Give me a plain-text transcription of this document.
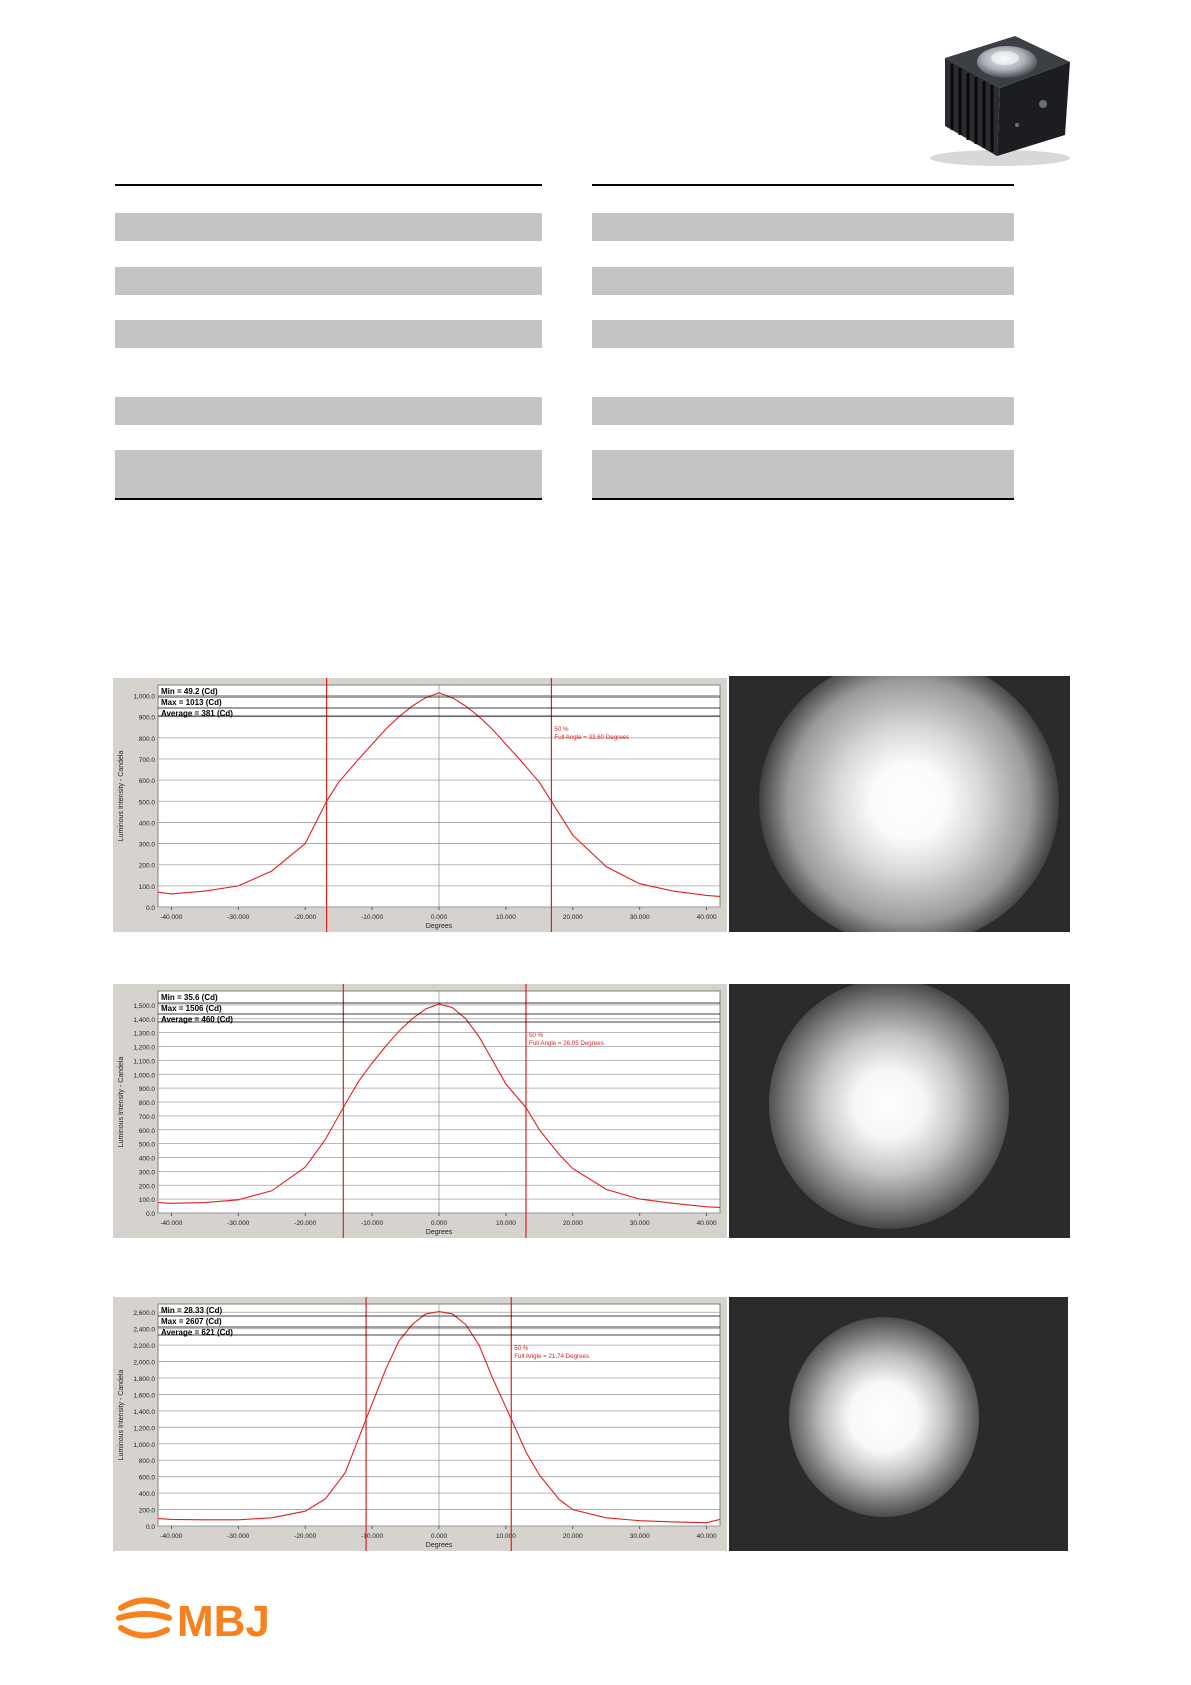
0.0
100.0
200.0
300.0
400.0
500.0
600.0
700.0
800.0
900.0
1,000.0
-40.000	-30.000	-20.000	-10.000	0.000	10.000	20.000	30.000	40.000
Degrees
Luminous Intensity - Candela
Min = 49.2 (Cd)
Max = 1013 (Cd)
Average = 381 (Cd)
50 %
Full Angle = 33.60 Degrees
0.0
100.0
200.0
300.0
400.0
500.0
600.0
700.0
800.0
900.0
1,000.0
1,100.0
1,200.0
1,300.0
1,400.0
1,500.0
-40.000	-30.000	-20.000	-10.000	0.000	10.000	20.000	30.000	40.000
Degrees
Luminous Intensity - Candela
Min = 35.6 (Cd)
Max = 1506 (Cd)
Average = 460 (Cd)
50 %
Full Angle = 26.05 Degrees
0.0
200.0
400.0
600.0
800.0
1,000.0
1,200.0
1,400.0
1,600.0
1,800.0
2,000.0
2,200.0
2,400.0
2,600.0
-40.000	-30.000	-20.000	-10.000	0.000	10.000	20.000	30.000	40.000
Degrees
Luminous Intensity - Candela
Min = 28.33 (Cd)
Max = 2607 (Cd)
Average = 621 (Cd)
50 %
Full Angle = 21.74 Degrees
MBJ
